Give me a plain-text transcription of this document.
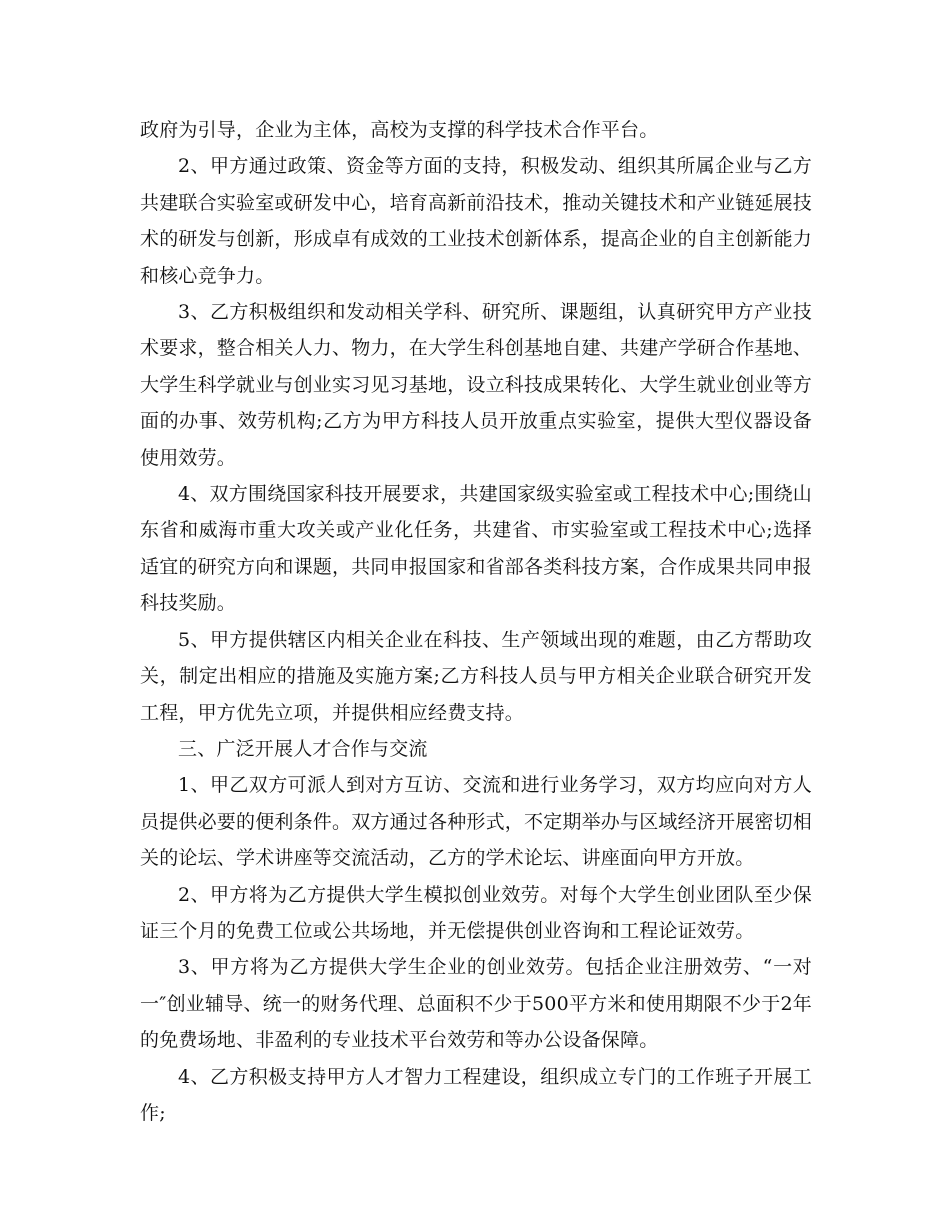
政府为引导，企业为主体，高校为支撑的科学技术合作平台。

2、甲方通过政策、资金等方面的支持，积极发动、组织其所属企业与乙方共建联合实验室或研发中心，培育高新前沿技术，推动关键技术和产业链延展技术的研发与创新，形成卓有成效的工业技术创新体系，提高企业的自主创新能力和核心竞争力。

3、乙方积极组织和发动相关学科、研究所、课题组，认真研究甲方产业技术要求，整合相关人力、物力，在大学生科创基地自建、共建产学研合作基地、大学生科学就业与创业实习见习基地，设立科技成果转化、大学生就业创业等方面的办事、效劳机构;乙方为甲方科技人员开放重点实验室，提供大型仪器设备使用效劳。

4、双方围绕国家科技开展要求，共建国家级实验室或工程技术中心;围绕山东省和威海市重大攻关或产业化任务，共建省、市实验室或工程技术中心;选择适宜的研究方向和课题，共同申报国家和省部各类科技方案，合作成果共同申报科技奖励。

5、甲方提供辖区内相关企业在科技、生产领域出现的难题，由乙方帮助攻关，制定出相应的措施及实施方案;乙方科技人员与甲方相关企业联合研究开发工程，甲方优先立项，并提供相应经费支持。

三、广泛开展人才合作与交流

1、甲乙双方可派人到对方互访、交流和进行业务学习，双方均应向对方人员提供必要的便利条件。双方通过各种形式，不定期举办与区域经济开展密切相关的论坛、学术讲座等交流活动，乙方的学术论坛、讲座面向甲方开放。

2、甲方将为乙方提供大学生模拟创业效劳。对每个大学生创业团队至少保证三个月的免费工位或公共场地，并无偿提供创业咨询和工程论证效劳。

3、甲方将为乙方提供大学生企业的创业效劳。包括企业注册效劳、“一对一″创业辅导、统一的财务代理、总面积不少于500平方米和使用期限不少于2年的免费场地、非盈利的专业技术平台效劳和等办公设备保障。

4、乙方积极支持甲方人才智力工程建设，组织成立专门的工作班子开展工作;
